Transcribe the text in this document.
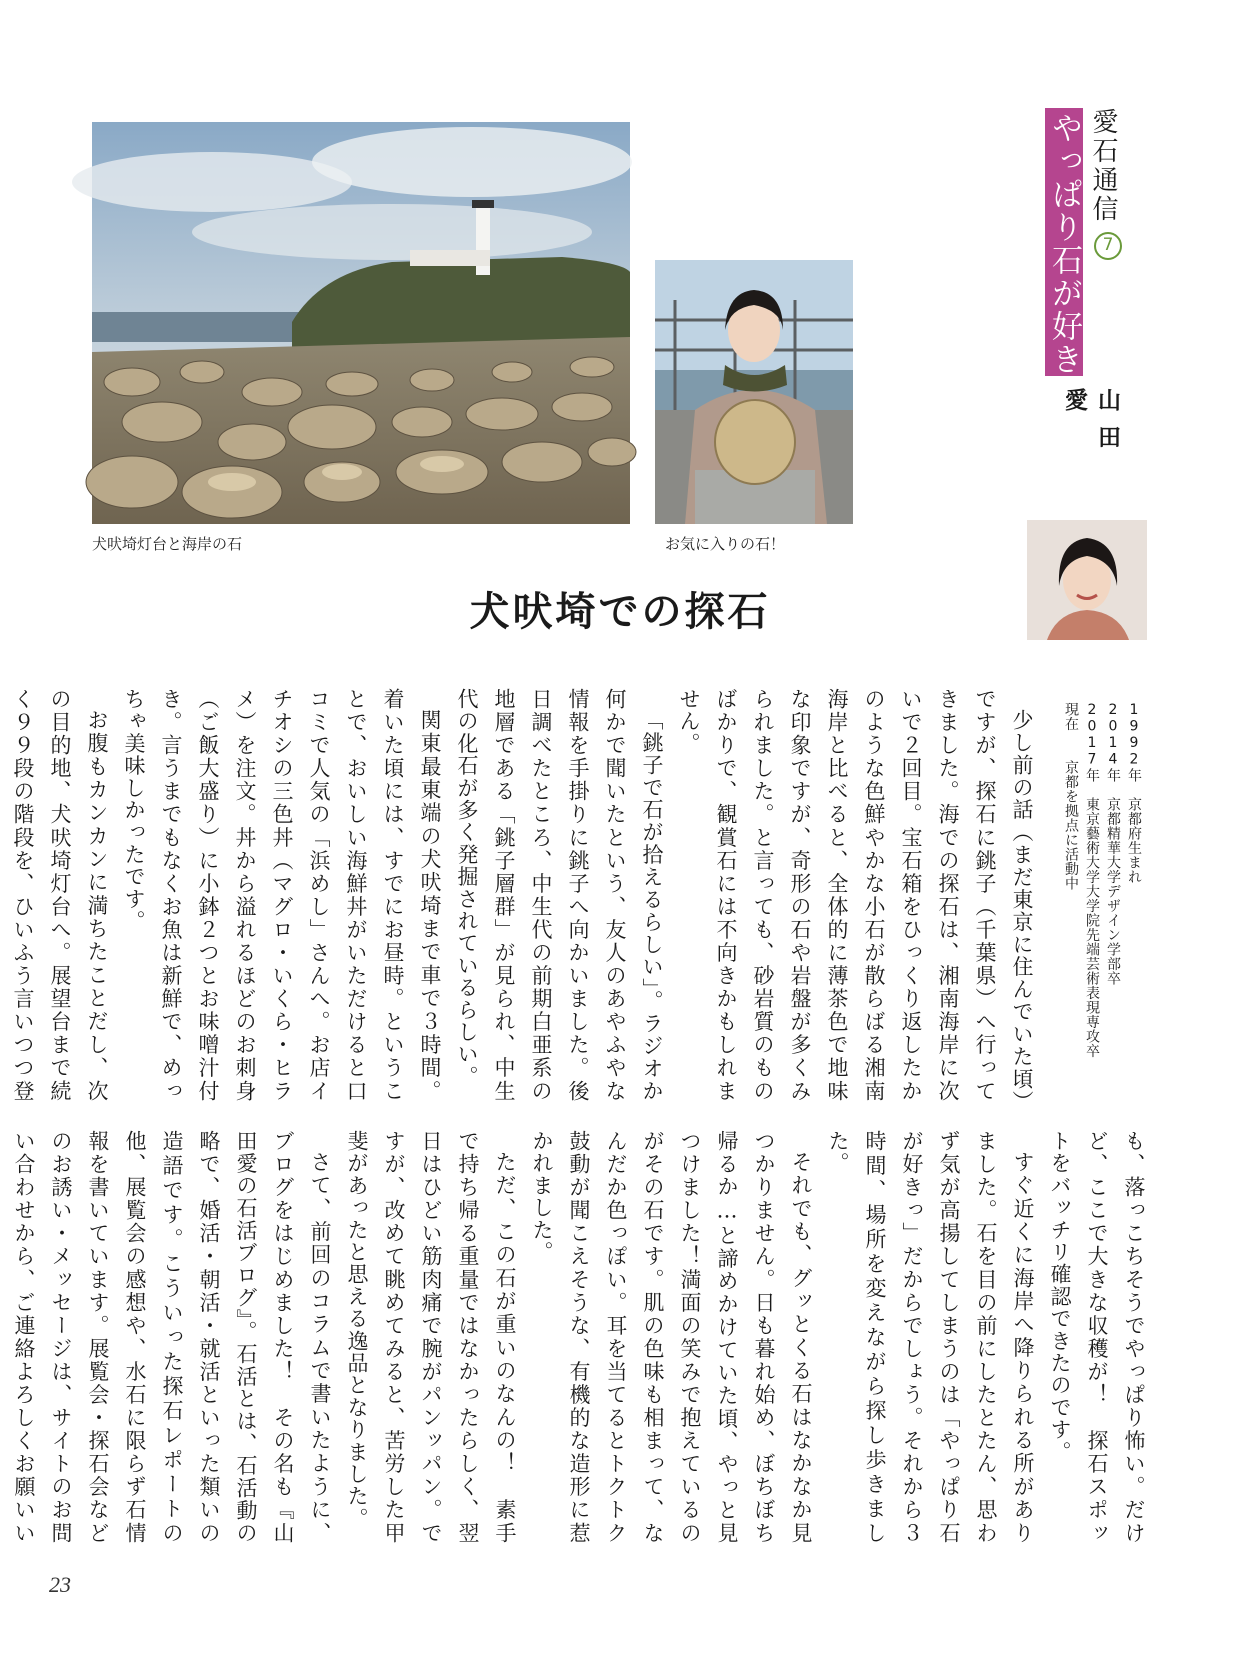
犬吠埼灯台と海岸の石	お気に入りの石！
愛石通信
7
やっぱり石が好きっ
山田 愛
1992年　京都府生まれ
2014年　京都精華大学デザイン学部卒
2017年　東京藝術大学大学院先端芸術表現専攻卒
現在　　京都を拠点に活動中
犬吠埼での探石

少し前の話（まだ東京に住んでいた頃）ですが、探石に銚子（千葉県）へ行ってきました。海での探石は、湘南海岸に次いで２回目。宝石箱をひっくり返したかのような色鮮やかな小石が散らばる湘南海岸と比べると、全体的に薄茶色で地味な印象ですが、奇形の石や岩盤が多くみられました。と言っても、砂岩質のものばかりで、観賞石には不向きかもしれません。

「銚子で石が拾えるらしい」。ラジオか何かで聞いたという、友人のあやふやな情報を手掛りに銚子へ向かいました。後日調べたところ、中生代の前期白亜系の地層である「銚子層群」が見られ、中生代の化石が多く発掘されているらしい。

関東最東端の犬吠埼まで車で３時間。着いた頃には、すでにお昼時。ということで、おいしい海鮮丼がいただけると口コミで人気の「浜めし」さんへ。お店イチオシの三色丼（マグロ・いくら・ヒラメ）を注文。丼から溢れるほどのお刺身（ご飯大盛り）に小鉢２つとお味噌汁付き。言うまでもなくお魚は新鮮で、めっちゃ美味しかったです。

お腹もカンカンに満ちたことだし、次の目的地、犬吠埼灯台へ。展望台まで続く９９段の階段を、ひいふう言いつつ登

も、落っこちそうでやっぱり怖い。だけど、ここで大きな収穫が！　探石スポットをバッチリ確認できたのです。

すぐ近くに海岸へ降りられる所がありました。石を目の前にしたとたん、思わず気が高揚してしまうのは「やっぱり石が好きっ」だからでしょう。それから３時間、場所を変えながら探し歩きました。

それでも、グッとくる石はなかなか見つかりません。日も暮れ始め、ぼちぼち帰るか…と諦めかけていた頃、やっと見つけました！満面の笑みで抱えているのがその石です。肌の色味も相まって、なんだか色っぽい。耳を当てるとトクトク鼓動が聞こえそうな、有機的な造形に惹かれました。

ただ、この石が重いのなんの！　素手で持ち帰る重量ではなかったらしく、翌日はひどい筋肉痛で腕がパンッパン。ですが、改めて眺めてみると、苦労した甲斐があったと思える逸品となりました。

さて、前回のコラムで書いたように、ブログをはじめました！　その名も『山田愛の石活ブログ』。石活とは、石活動の略で、婚活・朝活・就活といった類いの造語です。こういった探石レポートの他、展覧会の感想や、水石に限らず石情報を書いています。展覧会・探石会などのお誘い・メッセージは、サイトのお問い合わせから、ご連絡よろしくお願いい

23
